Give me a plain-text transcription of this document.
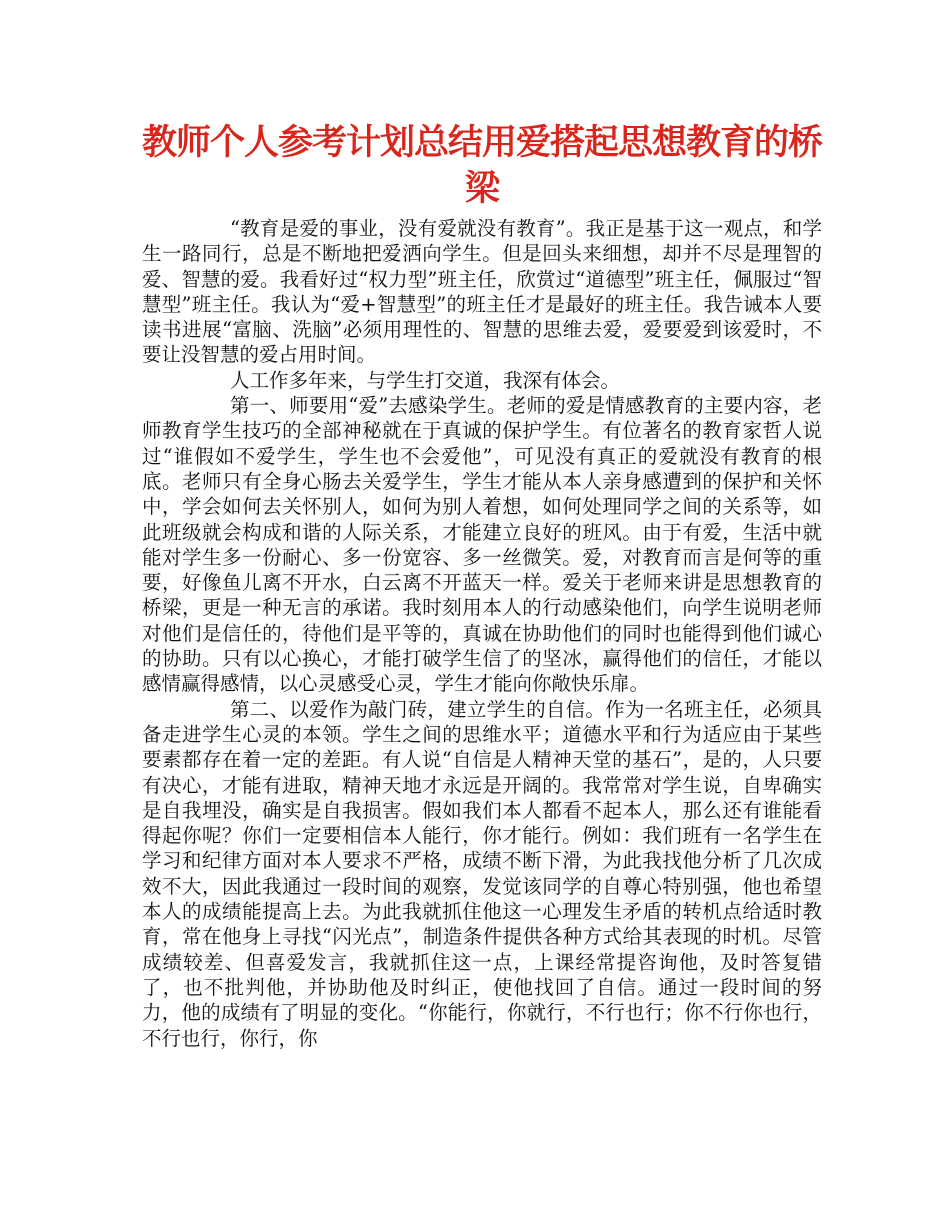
教师个人参考计划总结用爱搭起思想教育的桥梁

“教育是爱的事业，没有爱就没有教育”。我正是基于这一观点，和学生一路同行，总是不断地把爱洒向学生。但是回头来细想，却并不尽是理智的爱、智慧的爱。我看好过“权力型”班主任，欣赏过“道德型”班主任，佩服过“智慧型”班主任。我认为“爱+智慧型”的班主任才是最好的班主任。我告诫本人要读书进展“富脑、洗脑”必须用理性的、智慧的思维去爱，爱要爱到该爱时，不要让没智慧的爱占用时间。

人工作多年来，与学生打交道，我深有体会。

第一、师要用“爱”去感染学生。老师的爱是情感教育的主要内容，老师教育学生技巧的全部神秘就在于真诚的保护学生。有位著名的教育家哲人说过“谁假如不爱学生，学生也不会爱他”，可见没有真正的爱就没有教育的根底。老师只有全身心肠去关爱学生，学生才能从本人亲身感遭到的保护和关怀中，学会如何去关怀别人，如何为别人着想，如何处理同学之间的关系等，如此班级就会构成和谐的人际关系，才能建立良好的班风。由于有爱，生活中就能对学生多一份耐心、多一份宽容、多一丝微笑。爱，对教育而言是何等的重要，好像鱼儿离不开水，白云离不开蓝天一样。爱关于老师来讲是思想教育的桥梁，更是一种无言的承诺。我时刻用本人的行动感染他们，向学生说明老师对他们是信任的，待他们是平等的，真诚在协助他们的同时也能得到他们诚心的协助。只有以心换心，才能打破学生信了的坚冰，赢得他们的信任，才能以感情赢得感情，以心灵感受心灵，学生才能向你敞快乐扉。

第二、以爱作为敲门砖，建立学生的自信。作为一名班主任，必须具备走进学生心灵的本领。学生之间的思维水平；道德水平和行为适应由于某些要素都存在着一定的差距。有人说“自信是人精神天堂的基石”，是的，人只要有决心，才能有进取，精神天地才永远是开阔的。我常常对学生说，自卑确实是自我埋没，确实是自我损害。假如我们本人都看不起本人，那么还有谁能看得起你呢？你们一定要相信本人能行，你才能行。例如：我们班有一名学生在学习和纪律方面对本人要求不严格，成绩不断下滑，为此我找他分析了几次成效不大，因此我通过一段时间的观察，发觉该同学的自尊心特别强，他也希望本人的成绩能提高上去。为此我就抓住他这一心理发生矛盾的转机点给适时教育，常在他身上寻找“闪光点”，制造条件提供各种方式给其表现的时机。尽管成绩较差、但喜爱发言，我就抓住这一点，上课经常提咨询他，及时答复错了，也不批判他，并协助他及时纠正，使他找回了自信。通过一段时间的努力，他的成绩有了明显的变化。“你能行，你就行，不行也行；你不行你也行，不行也行，你行，你
